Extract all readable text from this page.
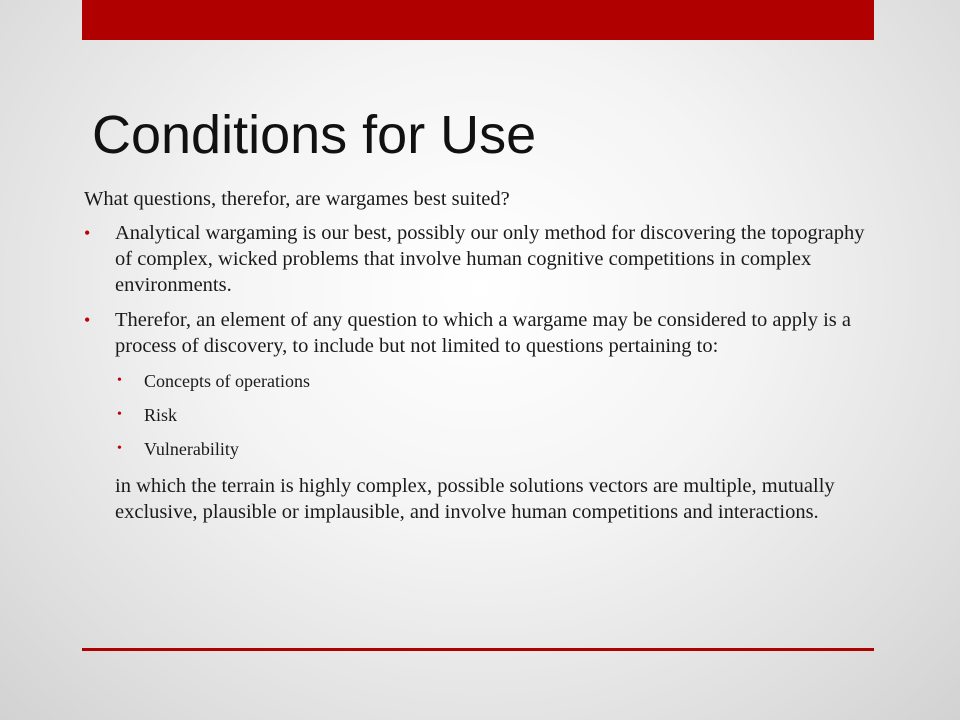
Conditions for Use

What questions, therefor, are wargames best suited?

• Analytical wargaming is our best, possibly our only method for discovering the topography of complex, wicked problems that involve human cognitive competitions in complex environments.
• Therefor, an element of any question to which a wargame may be considered to apply is a process of discovery, to include but not limited to questions pertaining to:
• Concepts of operations
• Risk
• Vulnerability

in which the terrain is highly complex, possible solutions vectors are multiple, mutually exclusive, plausible or implausible, and involve human competitions and interactions.
